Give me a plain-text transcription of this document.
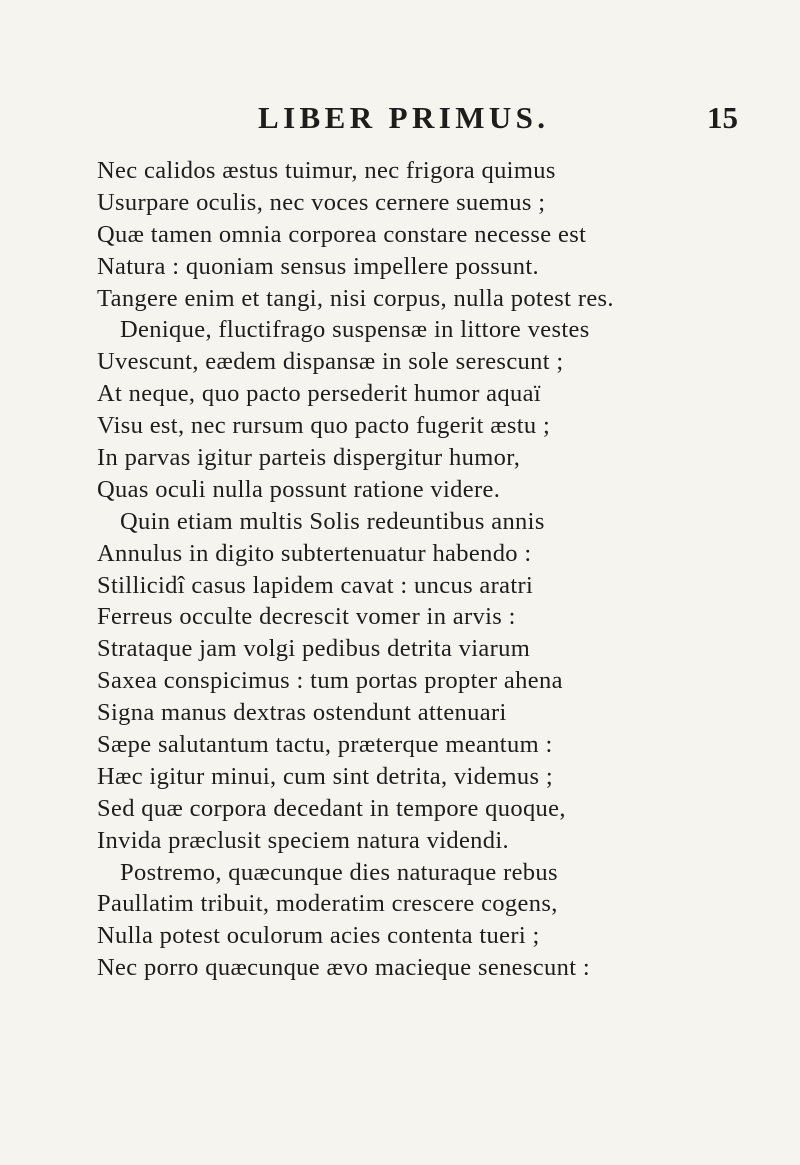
LIBER PRIMUS.	15
Nec calidos æstus tuimur, nec frigora quimus
Usurpare oculis, nec voces cernere suemus ;
Quæ tamen omnia corporea constare necesse est
Natura : quoniam sensus impellere possunt.
Tangere enim et tangi, nisi corpus, nulla potest res.
Denique, fluctifrago suspensæ in littore vestes
Uvescunt, eædem dispansæ in sole serescunt ;
At neque, quo pacto persederit humor aquaï
Visu est, nec rursum quo pacto fugerit æstu ;
In parvas igitur parteis dispergitur humor,
Quas oculi nulla possunt ratione videre.
Quin etiam multis Solis redeuntibus annis
Annulus in digito subtertenuatur habendo :
Stillicidî casus lapidem cavat : uncus aratri
Ferreus occulte decrescit vomer in arvis :
Strataque jam volgi pedibus detrita viarum
Saxea conspicimus : tum portas propter ahena
Signa manus dextras ostendunt attenuari
Sæpe salutantum tactu, præterque meantum :
Hæc igitur minui, cum sint detrita, videmus ;
Sed quæ corpora decedant in tempore quoque,
Invida præclusit speciem natura videndi.
Postremo, quæcunque dies naturaque rebus
Paullatim tribuit, moderatim crescere cogens,
Nulla potest oculorum acies contenta tueri ;
Nec porro quæcunque ævo macieque senescunt :
